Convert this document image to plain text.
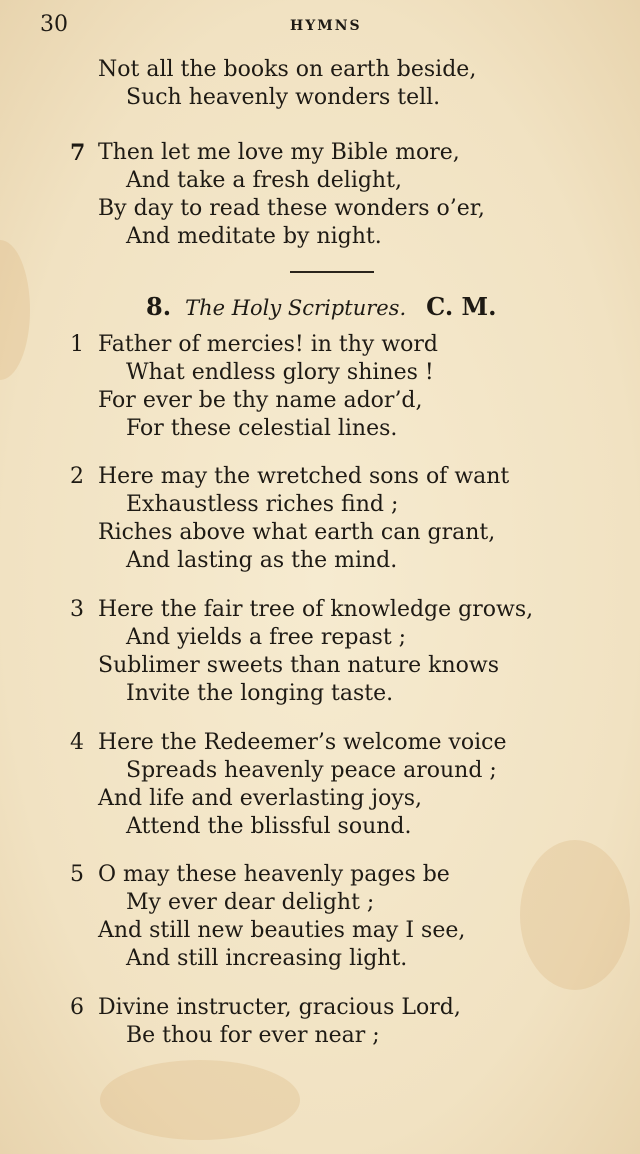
30	HYMNS
Not all the books on earth beside,
Such heavenly wonders tell.
7 Then let me love my Bible more,
And take a fresh delight,
By day to read these wonders o’er,
And meditate by night.
8. The Holy Scriptures. C. M.
1 Father of mercies! in thy word
What endless glory shines !
For ever be thy name ador’d,
For these celestial lines.
2 Here may the wretched sons of want
Exhaustless riches find ;
Riches above what earth can grant,
And lasting as the mind.
3 Here the fair tree of knowledge grows,
And yields a free repast ;
Sublimer sweets than nature knows
Invite the longing taste.
4 Here the Redeemer’s welcome voice
Spreads heavenly peace around ;
And life and everlasting joys,
Attend the blissful sound.
5 O may these heavenly pages be
My ever dear delight ;
And still new beauties may I see,
And still increasing light.
6 Divine instructer, gracious Lord,
Be thou for ever near ;
